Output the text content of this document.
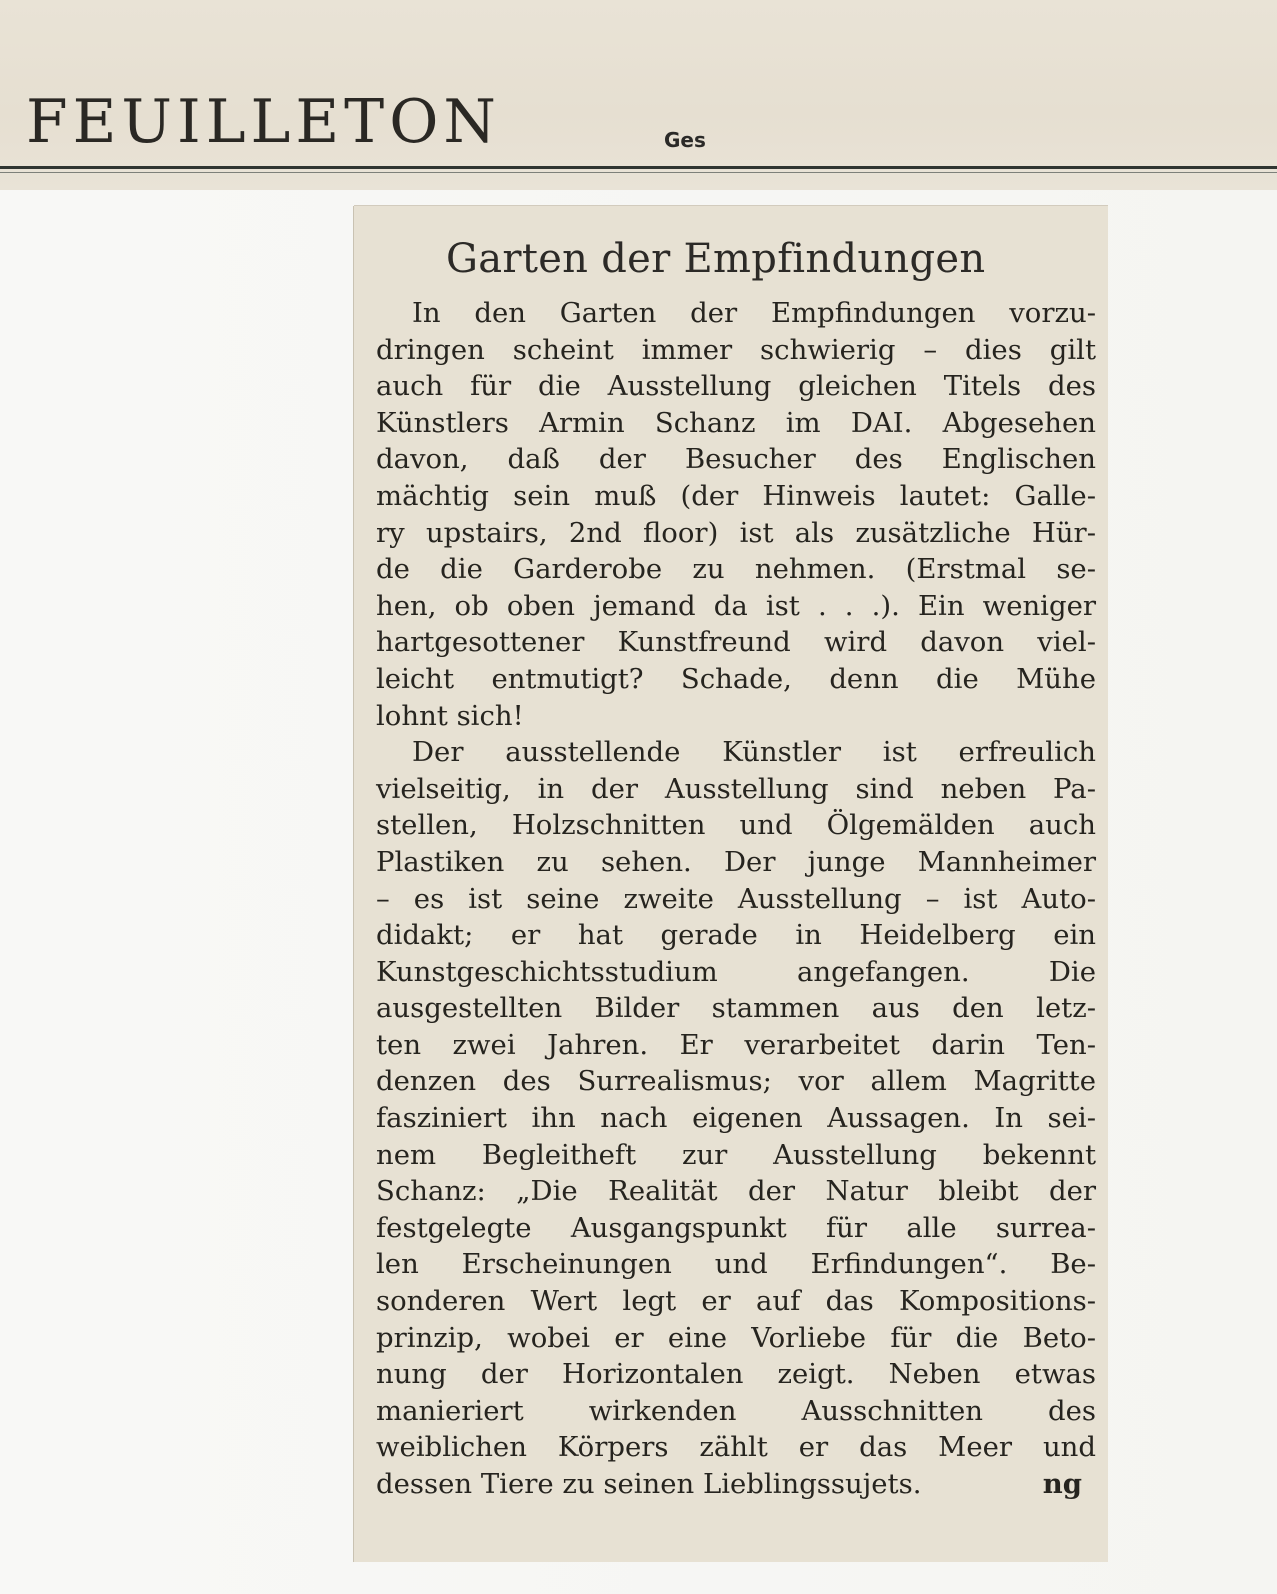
FEUILLETON	Ges
Garten der Empfindungen
In den Garten der Empfindungen vorzu-
dringen scheint immer schwierig – dies gilt
auch für die Ausstellung gleichen Titels des
Künstlers Armin Schanz im DAI. Abgesehen
davon, daß der Besucher des Englischen
mächtig sein muß (der Hinweis lautet: Galle-
ry upstairs, 2nd floor) ist als zusätzliche Hür-
de die Garderobe zu nehmen. (Erstmal se-
hen, ob oben jemand da ist . . .). Ein weniger
hartgesottener Kunstfreund wird davon viel-
leicht entmutigt? Schade, denn die Mühe
lohnt sich!
Der ausstellende Künstler ist erfreulich
vielseitig, in der Ausstellung sind neben Pa-
stellen, Holzschnitten und Ölgemälden auch
Plastiken zu sehen. Der junge Mannheimer
– es ist seine zweite Ausstellung – ist Auto-
didakt; er hat gerade in Heidelberg ein
Kunstgeschichtsstudium angefangen. Die
ausgestellten Bilder stammen aus den letz-
ten zwei Jahren. Er verarbeitet darin Ten-
denzen des Surrealismus; vor allem Magritte
fasziniert ihn nach eigenen Aussagen. In sei-
nem Begleitheft zur Ausstellung bekennt
Schanz: „Die Realität der Natur bleibt der
festgelegte Ausgangspunkt für alle surrea-
len Erscheinungen und Erfindungen“. Be-
sonderen Wert legt er auf das Kompositions-
prinzip, wobei er eine Vorliebe für die Beto-
nung der Horizontalen zeigt. Neben etwas
manieriert wirkenden Ausschnitten des
weiblichen Körpers zählt er das Meer und
dessen Tiere zu seinen Lieblingssujets.	ng
